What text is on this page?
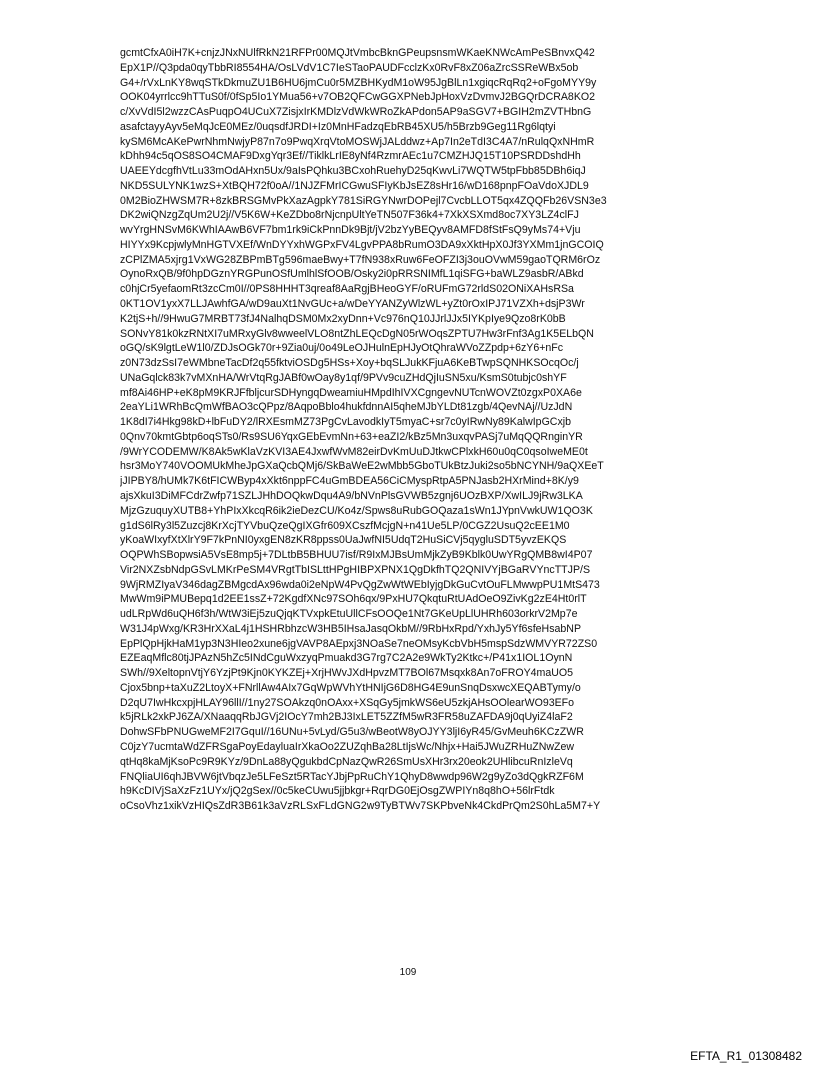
gcmtCfxA0iH7K+cnjzJNxNUlfRkN21RFPr00MQJtVmbcBknGPeupsnsmWKaeKNWcAmPeSBnvxQ42
EpX1P//Q3pda0qyTbbRI8554HA/OsLVdV1C7IeSTaoPAUDFcclzKx0RvF8xZ06aZrcSSReWBx5ob
G4+/rVxLnKY8wqSTkDkmuZU1B6HU6jmCu0r5MZBHKydM1oW95JgBlLn1xgiqcRqRq2+oFgoMYY9y
OOK04yrrlcc9hTTuS0f/0fSp5Io1YMua56+v7OB2QFCwGGXPNebJpHoxVzDvmvJ2BGQrDCRA8KO2
c/XvVdI5l2wzzCAsPuqpO4UCuX7ZisjxIrKMDlzVdWkWRoZkAPdon5AP9aSGV7+BGIH2mZVTHbnG
asafctayyAyv5eMqJcE0MEz/0uqsdfJRDI+Iz0MnHFadzqEbRB45XU5/h5Brzb9Geg11Rg6lqtyi
kySM6McAKePwrNhmNwjyP87n7o9PwqXrqVtoMOSWjJALddwz+Ap7In2eTdI3C4A7/nRulqQxNHmR
kDhh94c5qOS8SO4CMAF9DxgYqr3Ef//TiklkLrIE8yNf4RzmrAEc1u7CMZHJQ15T10PSRDDshdHh
UAEEYdcgfhVtLu33mOdAHxn5Ux/9aIsPQhku3BCxohRuehyD25qKwvLi7WQTW5tpFbb85DBh6iqJ
NKD5SULYNK1wzS+XtBQH72f0oA//1NJZFMrICGwuSFIyKbJsEZ8sHr16/wD168pnpFOaVdoXJDL9
0M2BioZHWSM7R+8zkBRSGMvPkXazAgpkY781SiRGYNwrDOPejl7CvcbLLOT5qx4ZQQFb26VSN3e3
DK2wiQNzgZqUm2U2j//V5K6W+KeZDbo8rNjcnpUltYeTN507F36k4+7XkXSXmd8oc7XY3LZ4clFJ
wvYrgHNSvM6KWhIAAwB6VF7bm1rk9iCkPnnDk9Bjt/jV2bzYyBEQyv8AMFD8fStFsQ9yMs74+Vju
HIYYx9KcpjwlyMnHGTVXEf/WnDYYxhWGPxFV4LgvPPA8bRumO3DA9xXktHpX0Jf3YXMm1jnGCOIQ
zCPlZMA5xjrg1VxWG28ZBPmBTg596maeBwy+T7fN938xRuw6FeOFZI3j3ouOVwM59gaoTQRM6rOz
OynoRxQB/9f0hpDGznYRGPunOSfUmlhlSfOOB/Osky2i0pRRSNIMfL1qiSFG+baWLZ9asbR/ABkd
c0hjCr5yefaomRt3zcCm0I//0PS8HHHT3qreaf8AaRgjBHeoGYF/oRUFmG72rldS02ONiXAHsRSa
0KT1OV1yxX7LLJAwhfGA/wD9auXt1NvGUc+a/wDeYYANZyWlzWL+yZt0rOxIPJ71VZXh+dsjP3Wr
K2tjS+h//9HwuG7MRBT73fJ4NalhqDSM0Mx2xyDnn+Vc976nQ10JJrlJJx5IYKpIye9Qzo8rK0bB
SONvY81k0kzRNtXI7uMRxyGlv8wweelVLO8ntZhLEQcDgN05rWOqsZPTU7Hw3rFnf3Ag1K5ELbQN
oGQ/sK9lgtLeW1l0/ZDJsOGk70r+9Zia0uj/0o49LeOJHulnEpHJyOtQhraWVoZZpdp+6zY6+nFc
z0N73dzSsI7eWMbneTacDf2q55fktviOSDg5HSs+Xoy+bqSLJukKFjuA6KeBTwpSQNHKSOcqOc/j
UNaGqlck83k7vMXnHA/WrVtqRgJABf0wOay8y1qf/9PVv9cuZHdQjIuSN5xu/KsmS0tubjc0shYF
mf8Ai46HP+eK8pM9KRJFfbljcurSDHyngqDweamiuHMpdIhIVXCgngevNUTcnWOVZt0zgxP0XA6e
2eaYLi1WRhBcQmWfBAO3cQPpz/8AqpoBblo4hukfdnnAI5qheMJbYLDt81zgb/4QevNAj//UzJdN
1K8dI7i4Hkg98kD+lbFuDY2/lRXEsmMZ73PgCvLavodkIyT5myaC+sr7c0yIRwNy89KalwIpGCxjb
0Qnv70kmtGbtp6oqSTs0/Rs9SU6YqxGEbEvmNn+63+eaZI2/kBz5Mn3uxqvPASj7uMqQQRnginYR
/9WrYCODEMW/K8Ak5wKlaVzKVI3AE4JxwfWvM82eirDvKmUuDJtkwCPlxkH60u0qC0qsoIweME0t
hsr3MoY740VOOMUkMheJpGXaQcbQMj6/SkBaWeE2wMbb5GboTUkBtzJuki2so5bNCYNH/9aQXEeT
jJIPBY8/hUMk7K6tFICWByp4xXkt6nppFC4uGmBDEA56CiCMyspRtpA5PNJasb2HXrMind+8K/y9
ajsXkuI3DiMFCdrZwfp71SZLJHhDOQkwDqu4A9/bNVnPlsGVWB5zgnj6UOzBXP/XwILJ9jRw3LKA
MjzGzuquyXUTB8+YhPIxXkcqR6ik2ieDezCU/Ko4z/Spws8uRubGOQaza1sWn1JYpnVwkUW1QO3K
g1dS6lRy3l5Zuzcj8KrXcjTYVbuQzeQgIXGfr609XCszfMcjgN+n41Ue5LP/0CGZ2UsuQ2cEE1M0
yKoaWIxyfXtXlrY9F7kPnNI0yxgEN8zKR8ppss0UaJwfNI5UdqT2HuSiCVj5qygluSDT5yvzEKQS
OQPWhSBopwsiA5VsE8mp5j+7DLtbB5BHUU7isf/R9IxMJBsUmMjkZyB9Kblk0UwYRgQMB8wI4P07
Vir2NXZsbNdpGSvLMKrPeSM4VRgtTbISLttHPgHIBPXPNX1QgDkfhTQ2QNIVYjBGaRVYncTTJP/S
9WjRMZIyaV346dagZBMgcdAx96wda0i2eNpW4PvQgZwWtWEbIyjgDkGuCvtOuFLMwwpPU1MtS473
MwWm9iPMUBepq1d2EE1ssZ+72KgdfXNc97SOh6qx/9PxHU7QkqtuRtUAdOeO9ZivKg2zE4Ht0rlT
udLRpWd6uQH6f3h/WtW3iEj5zuQjqKTVxpkEtuUllCFsOOQe1Nt7GKeUpLlUHRh603orkrV2Mp7e
W31J4pWxg/KR3HrXXaL4j1HSHRbhzcW3HB5IHsaJasqOkbM//9RbHxRpd/YxhJy5Yf6sfeHsabNP
EpPlQpHjkHaM1yp3N3HIeo2xune6jgVAVP8AEpxj3NOaSe7neOMsyKcbVbH5mspSdzWMVYR72ZS0
EZEaqMflc80tjJPAzN5hZc5INdCguWxzyqPmuakd3G7rg7C2A2e9WkTy2Ktkc+/P41x1IOL1OynN
SWh//9XeltopnVtjY6YzjPt9Kjn0KYKZEj+XrjHWvJXdHpvzMT7BOl67Msqxk8An7oFROY4maUO5
Cjox5bnp+taXuZ2LtoyX+FNrllAw4AIx7GqWpWVhYtHNIjG6D8HG4E9unSnqDsxwcXEQABTymy/o
D2qU7IwHkcxpjHLAY96llI//1ny27SOAkzq0nOAxx+XSqGy5jmkWS6eU5zkjAHsOOlearWO93EFo
k5jRLk2xkPJ6ZA/XNaaqqRbJGVj2IOcY7mh2BJ3IxLET5ZZfM5wR3FR58uZAFDA9j0qUyiZ4laF2
DohwSFbPNUGweMF2I7GquI//16UNu+5vLyd/G5u3/wBeotW8yOJYY3ljI6yR45/GvMeuh6KCzZWR
C0jzY7ucmtaWdZFRSgaPoyEdayluaIrXkaOo2ZUZqhBa28LtIjsWc/Nhjx+Hai5JWuZRHuZNwZew
qtHq8kaMjKsoPc9R9KYz/9DnLa88yQgukbdCpNazQwR26SmUsXHr3rx20eok2UHlibcuRnIzleVq
FNQliaUI6qhJBVW6jtVbqzJe5LFeSzt5RTacYJbjPpRuChY1QhyD8wwdp96W2g9yZo3dQgkRZF6M
h9KcDIVjSaXzFz1UYx/jQ2gSex//0c5keCUwu5jjbkgr+RqrDG0EjOsgZWPIYn8q8hO+56lrFtdk
oCsoVhz1xikVzHIQsZdR3B61k3aVzRLSxFLdGNG2w9TyBTWv7SKPbveNk4CkdPrQm2S0hLa5M7+Y
109
EFTA_R1_01308482
